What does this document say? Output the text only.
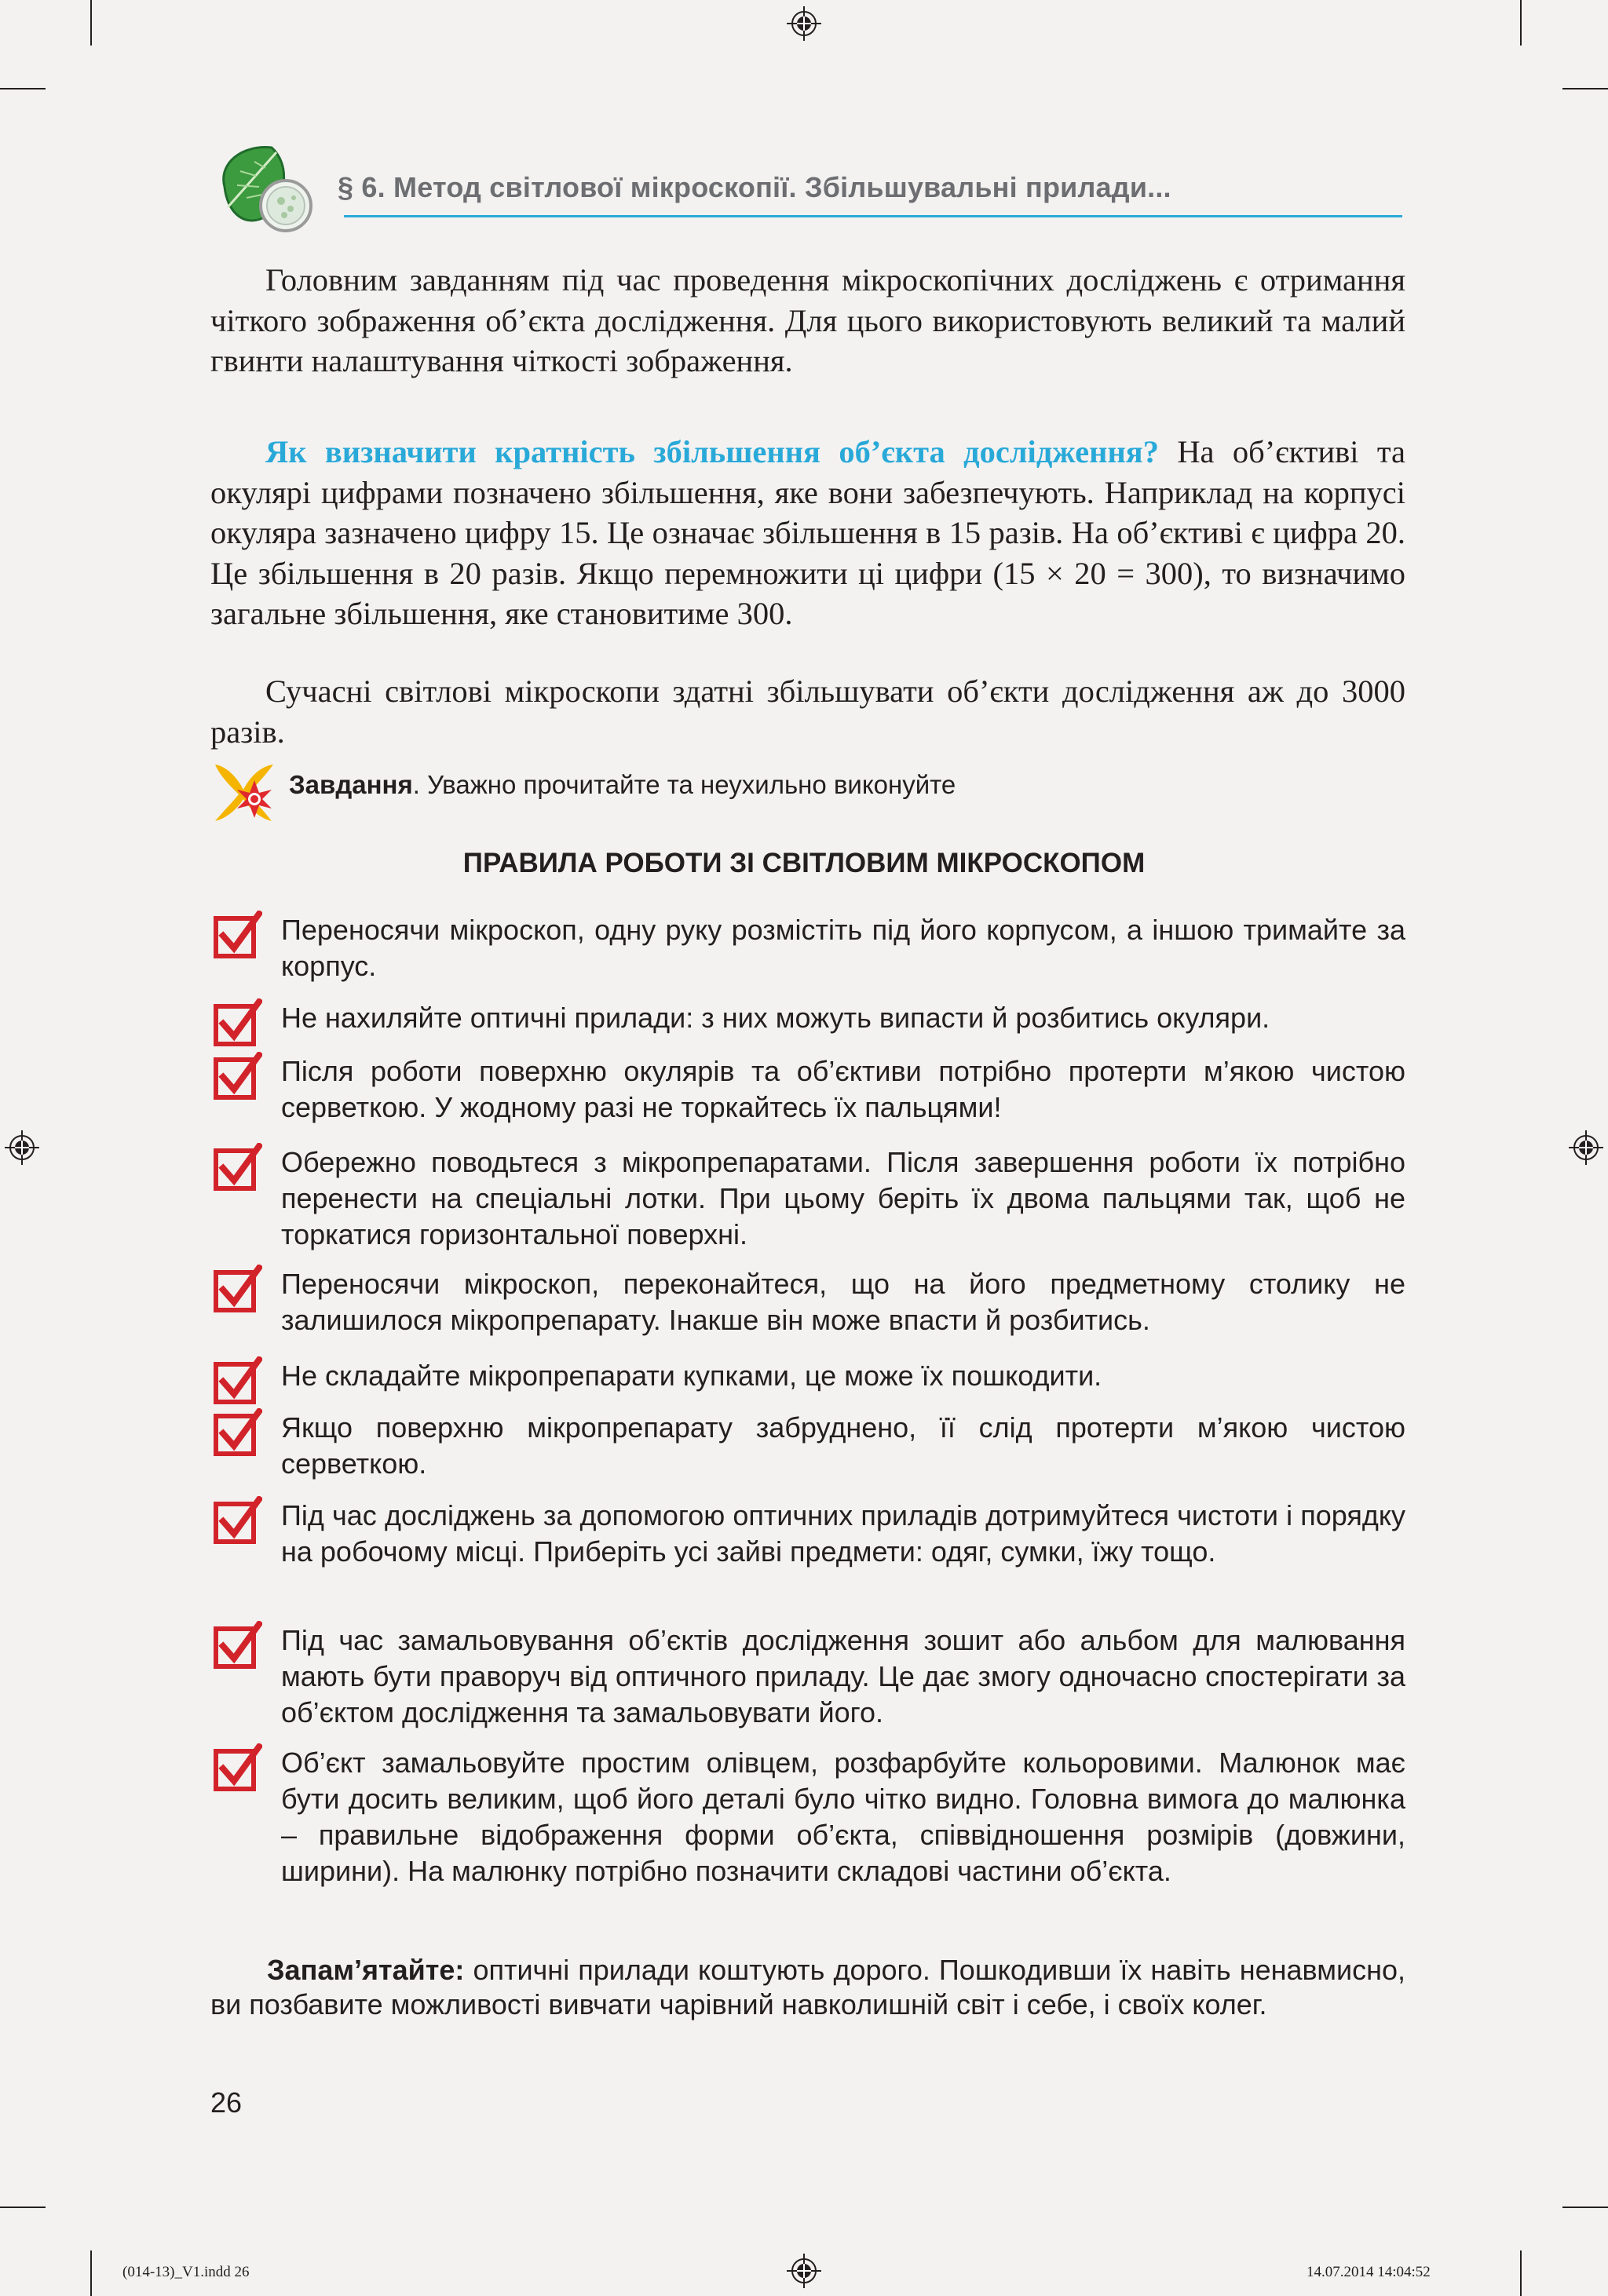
§ 6. Метод світлової мікроскопії. Збільшувальні прилади...
Головним завданням під час проведення мікроскопічних досліджень є отримання чіткого зображення об’єкта дослідження. Для цього використовують великий та малий гвинти налаштування чіткості зображення.
Як визначити кратність збільшення об’єкта дослідження? На об’єктиві та окулярі цифрами позначено збільшення, яке вони забезпечують. Наприклад на корпусі окуляра зазначено цифру 15. Це означає збільшення в 15 разів. На об’єктиві є цифра 20. Це збільшення в 20 разів. Якщо перемножити ці цифри (15 × 20 = 300), то визначимо загальне збільшення, яке становитиме 300.
Сучасні світлові мікроскопи здатні збільшувати об’єкти дослідження аж до 3000 разів.
Завдання. Уважно прочитайте та неухильно виконуйте
ПРАВИЛА РОБОТИ ЗІ СВІТЛОВИМ МІКРОСКОПОМ
Переносячи мікроскоп, одну руку розмістіть під його корпусом, а іншою тримайте за корпус.
Не нахиляйте оптичні прилади: з них можуть випасти й розбитись окуляри.
Після роботи поверхню окулярів та об’єктиви потрібно протерти м’якою чистою серветкою. У жодному разі не торкайтесь їх пальцями!
Обережно поводьтеся з мікропрепаратами. Після завершення роботи їх потрібно перенести на спеціальні лотки. При цьому беріть їх двома пальцями так, щоб не торкатися горизонтальної поверхні.
Переносячи мікроскоп, переконайтеся, що на його предметному столику не залишилося мікропрепарату. Інакше він може впасти й розбитись.
Не складайте мікропрепарати купками, це може їх пошкодити.
Якщо поверхню мікропрепарату забруднено, її слід протерти м’якою чистою серветкою.
Під час досліджень за допомогою оптичних приладів дотримуйтеся чистоти і порядку на робочому місці. Приберіть усі зайві предмети: одяг, сумки, їжу тощо.
Під час замальовування об’єктів дослідження зошит або альбом для малювання мають бути праворуч від оптичного приладу. Це дає змогу одночасно спостерігати за об’єктом дослідження та замальовувати його.
Об’єкт замальовуйте простим олівцем, розфарбуйте кольоровими. Малюнок має бути досить великим, щоб його деталі було чітко видно. Головна вимога до малюнка – правильне відображення форми об’єкта, співвідношення розмірів (довжини, ширини). На малюнку потрібно позначити складові частини об’єкта.
Запам’ятайте: оптичні прилади коштують дорого. Пошкодивши їх навіть ненавмисно, ви позбавите можливості вивчати чарівний навколишній світ і себе, і своїх колег.
26
(014-13)_V1.indd 26	14.07.2014 14:04:52
